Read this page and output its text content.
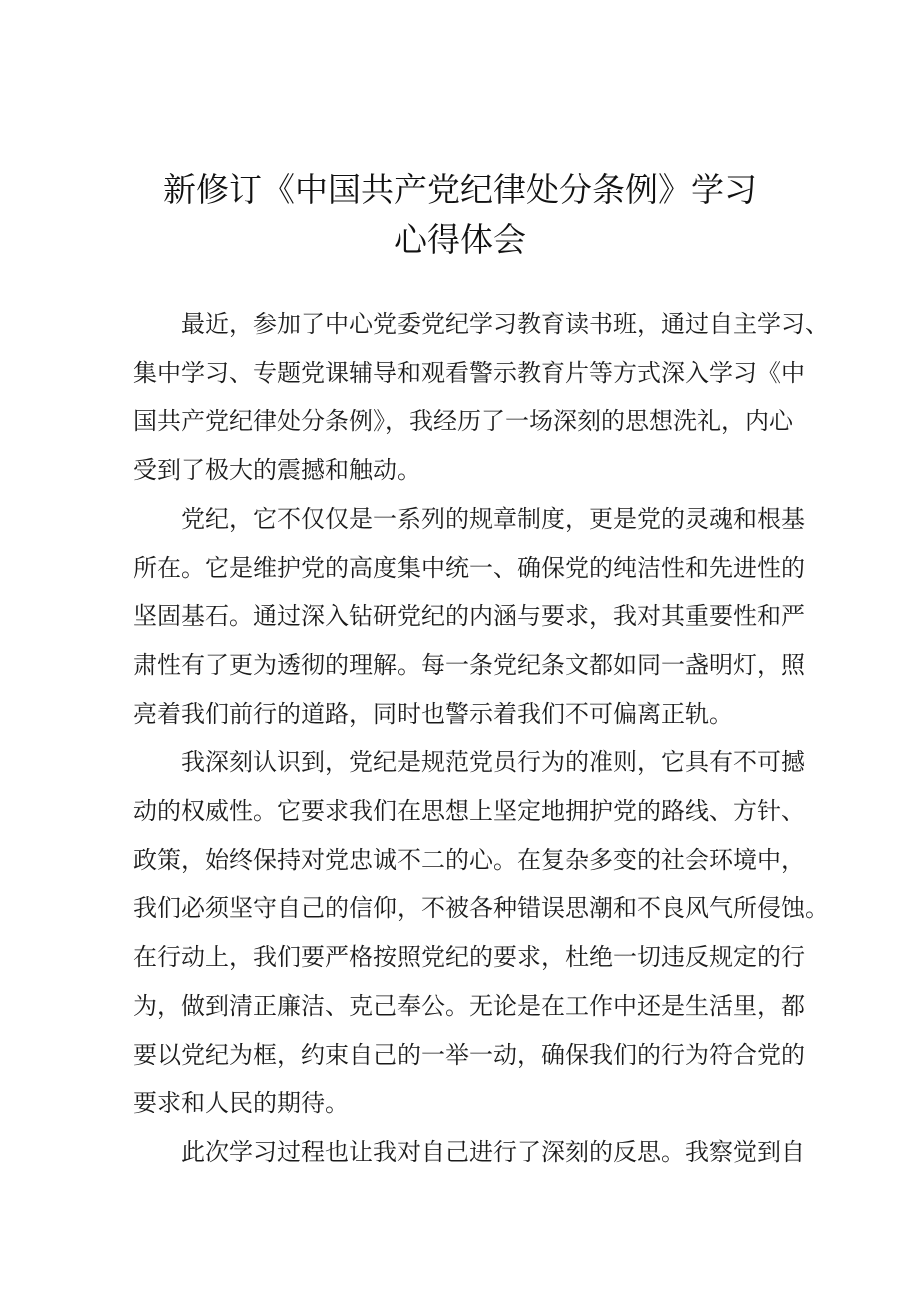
新修订《中国共产党纪律处分条例》学习
心得体会

最近，参加了中心党委党纪学习教育读书班，通过自主学习、
集中学习、专题党课辅导和观看警示教育片等方式深入学习《中
国共产党纪律处分条例》，我经历了一场深刻的思想洗礼，内心
受到了极大的震撼和触动。

党纪，它不仅仅是一系列的规章制度，更是党的灵魂和根基
所在。它是维护党的高度集中统一、确保党的纯洁性和先进性的
坚固基石。通过深入钻研党纪的内涵与要求，我对其重要性和严
肃性有了更为透彻的理解。每一条党纪条文都如同一盏明灯，照
亮着我们前行的道路，同时也警示着我们不可偏离正轨。

我深刻认识到，党纪是规范党员行为的准则，它具有不可撼
动的权威性。它要求我们在思想上坚定地拥护党的路线、方针、
政策，始终保持对党忠诚不二的心。在复杂多变的社会环境中，
我们必须坚守自己的信仰，不被各种错误思潮和不良风气所侵蚀。
在行动上，我们要严格按照党纪的要求，杜绝一切违反规定的行
为，做到清正廉洁、克己奉公。无论是在工作中还是生活里，都
要以党纪为框，约束自己的一举一动，确保我们的行为符合党的
要求和人民的期待。

此次学习过程也让我对自己进行了深刻的反思。我察觉到自
